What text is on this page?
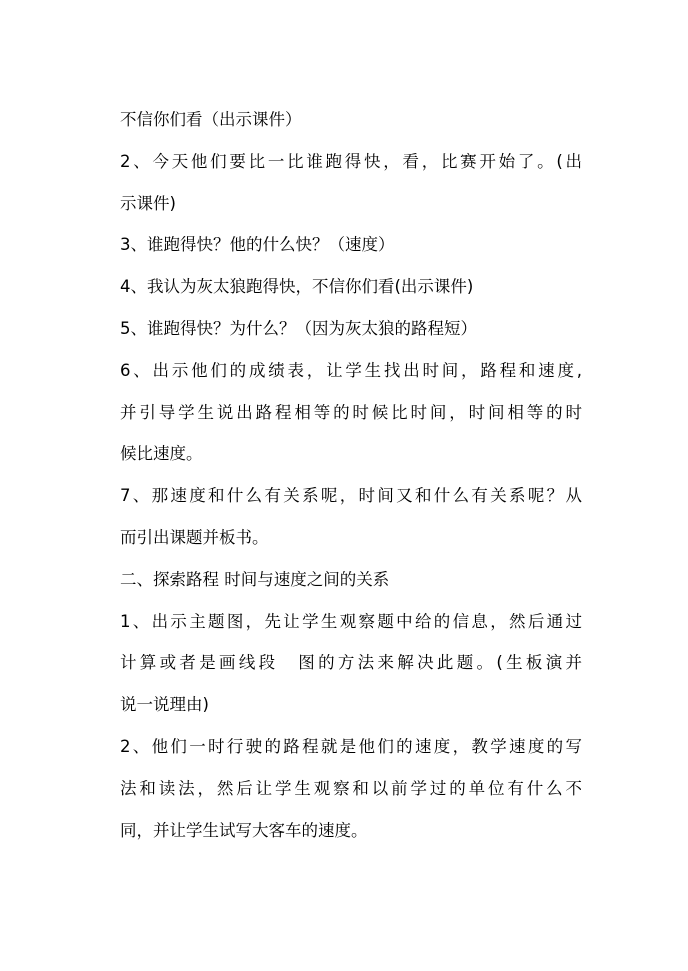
不信你们看（出示课件）
2、今天他们要比一比谁跑得快，看，比赛开始了。(出
示课件)
3、谁跑得快？他的什么快？（速度）
4、我认为灰太狼跑得快，不信你们看(出示课件)
5、谁跑得快？为什么？（因为灰太狼的路程短）
6、出示他们的成绩表，让学生找出时间，路程和速度,
并引导学生说出路程相等的时候比时间，时间相等的时
候比速度。
7、那速度和什么有关系呢，时间又和什么有关系呢？从
而引出课题并板书。
二、探索路程 时间与速度之间的关系
1、出示主题图，先让学生观察题中给的信息，然后通过
计算或者是画线段　图的方法来解决此题。(生板演并
说一说理由)
2、他们一时行驶的路程就是他们的速度，教学速度的写
法和读法，然后让学生观察和以前学过的单位有什么不
同，并让学生试写大客车的速度。
